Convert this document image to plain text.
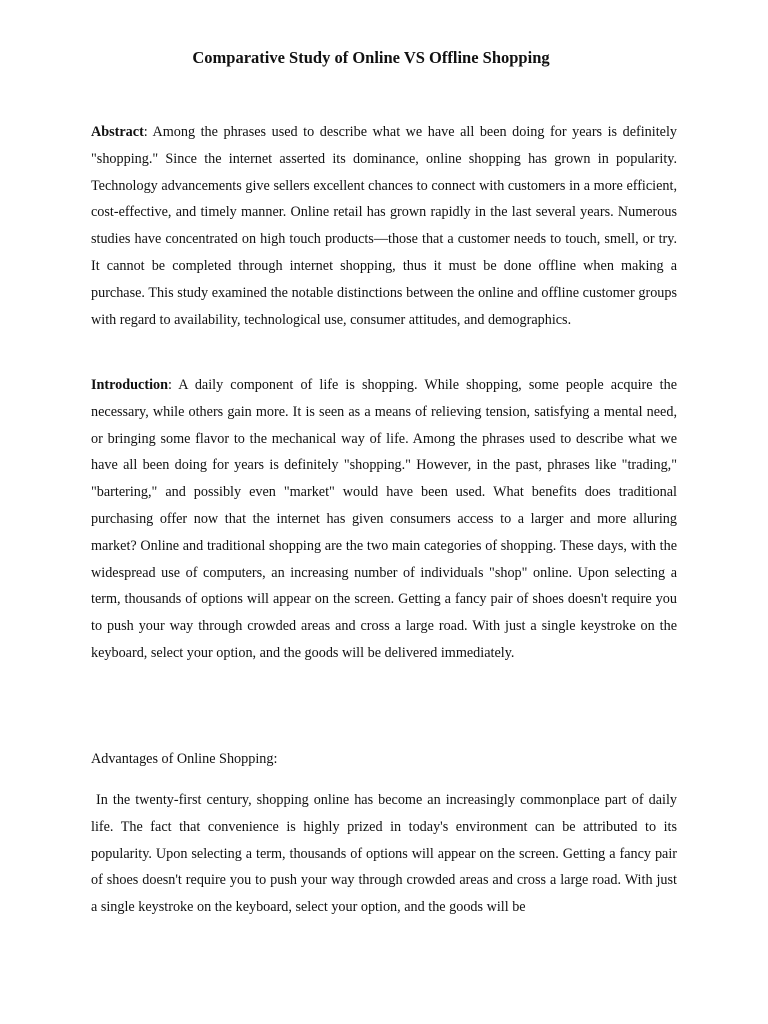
Comparative Study of Online VS Offline Shopping

Abstract: Among the phrases used to describe what we have all been doing for years is definitely "shopping." Since the internet asserted its dominance, online shopping has grown in popularity. Technology advancements give sellers excellent chances to connect with customers in a more efficient, cost-effective, and timely manner. Online retail has grown rapidly in the last several years. Numerous studies have concentrated on high touch products—those that a customer needs to touch, smell, or try. It cannot be completed through internet shopping, thus it must be done offline when making a purchase. This study examined the notable distinctions between the online and offline customer groups with regard to availability, technological use, consumer attitudes, and demographics.

Introduction: A daily component of life is shopping. While shopping, some people acquire the necessary, while others gain more. It is seen as a means of relieving tension, satisfying a mental need, or bringing some flavor to the mechanical way of life. Among the phrases used to describe what we have all been doing for years is definitely "shopping." However, in the past, phrases like "trading," "bartering," and possibly even "market" would have been used. What benefits does traditional purchasing offer now that the internet has given consumers access to a larger and more alluring market? Online and traditional shopping are the two main categories of shopping. These days, with the widespread use of computers, an increasing number of individuals "shop" online. Upon selecting a term, thousands of options will appear on the screen. Getting a fancy pair of shoes doesn't require you to push your way through crowded areas and cross a large road. With just a single keystroke on the keyboard, select your option, and the goods will be delivered immediately.

Advantages of Online Shopping:

In the twenty-first century, shopping online has become an increasingly commonplace part of daily life. The fact that convenience is highly prized in today's environment can be attributed to its popularity. Upon selecting a term, thousands of options will appear on the screen. Getting a fancy pair of shoes doesn't require you to push your way through crowded areas and cross a large road. With just a single keystroke on the keyboard, select your option, and the goods will be
